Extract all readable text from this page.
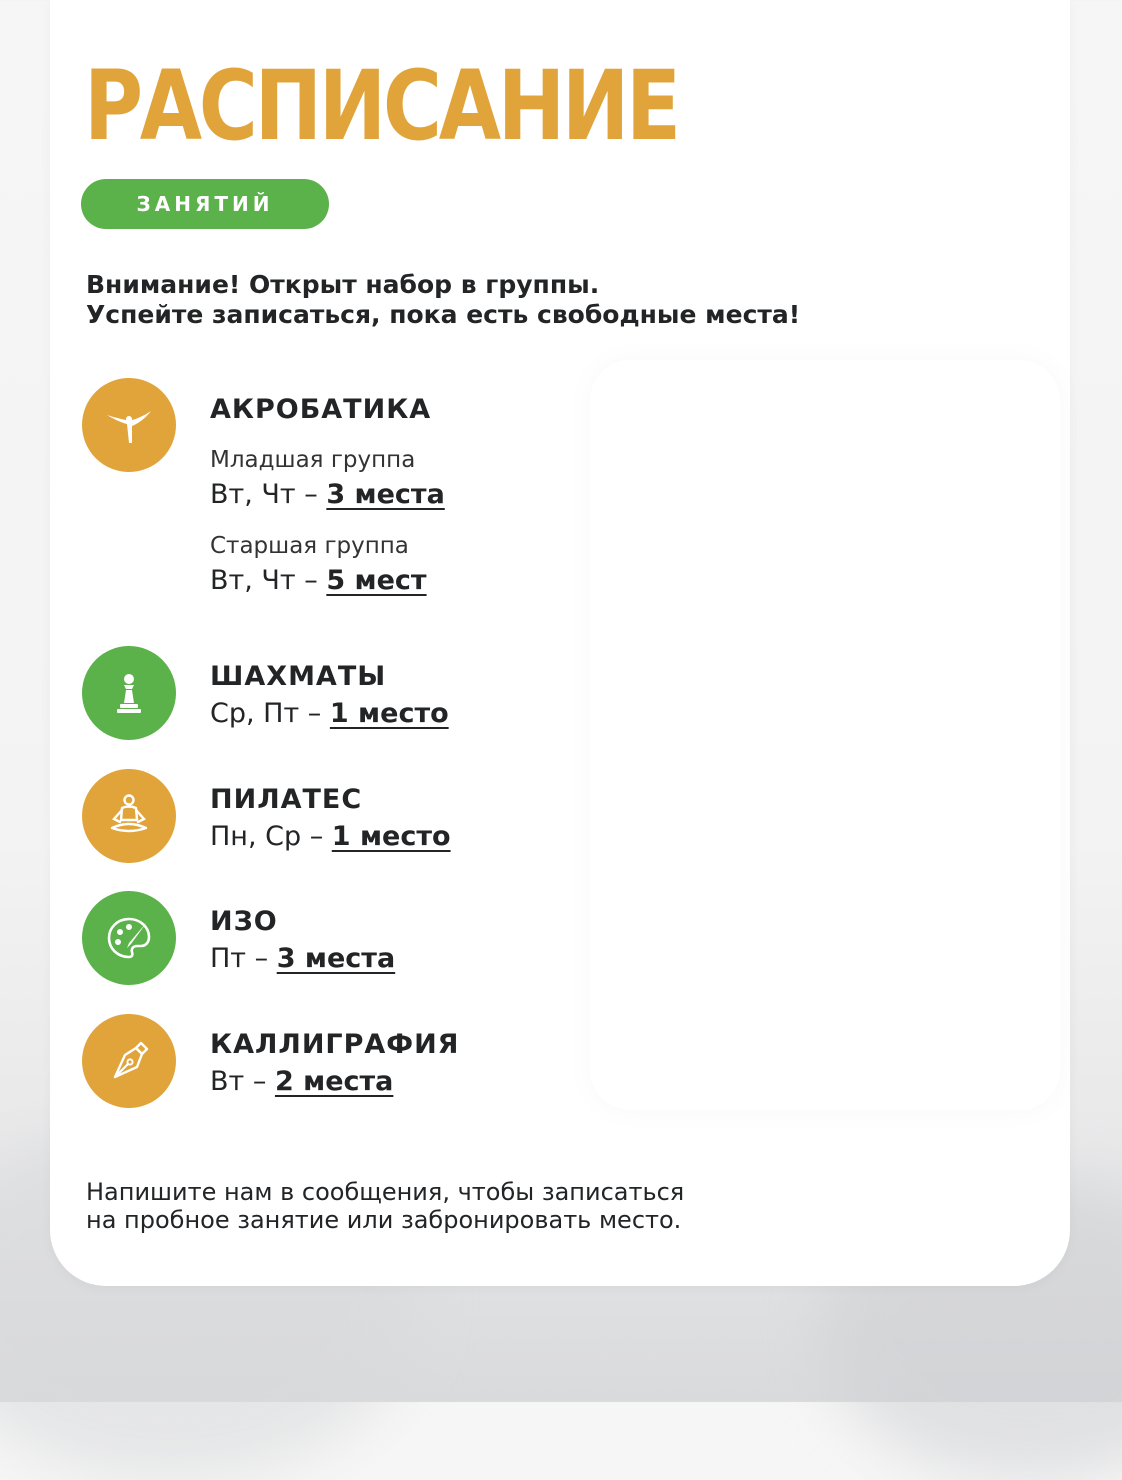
РАСПИСАНИЕ
ЗАНЯТИЙ
Внимание! Открыт набор в группы.
Успейте записаться, пока есть свободные места!
АКРОБАТИКА
Младшая группа
Вт, Чт – 3 места
Старшая группа
Вт, Чт – 5 мест
ШАХМАТЫ
Ср, Пт – 1 место
ПИЛАТЕС
Пн, Ср – 1 место
ИЗО
Пт – 3 места
КАЛЛИГРАФИЯ
Вт – 2 места
Напишите нам в сообщения, чтобы записаться
на пробное занятие или забронировать место.
